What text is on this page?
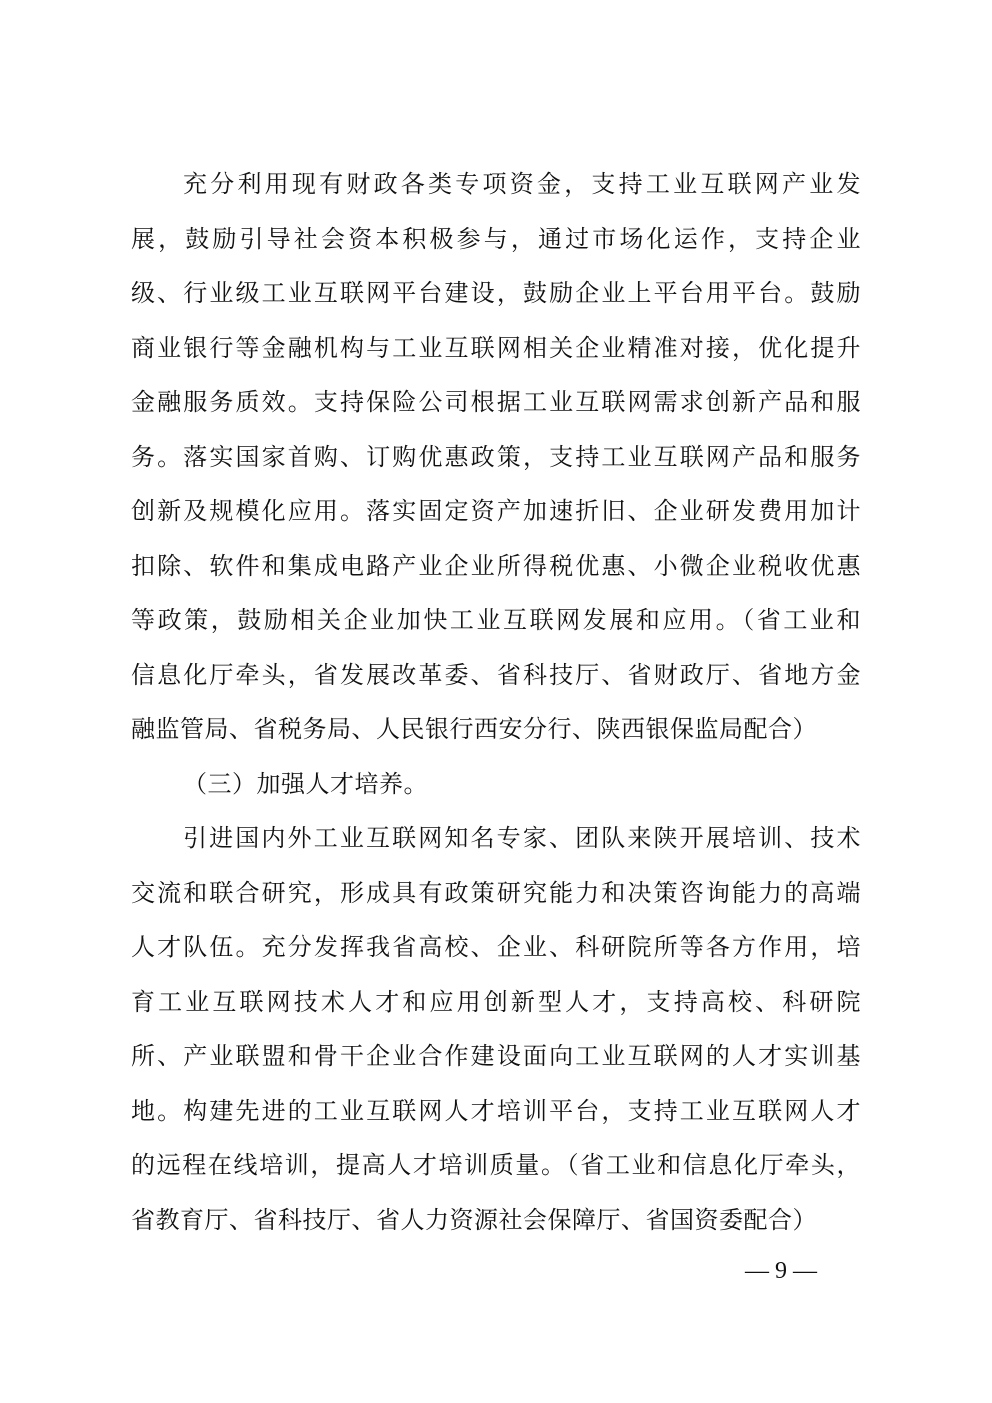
充分利用现有财政各类专项资金，支持工业互联网产业发
展，鼓励引导社会资本积极参与，通过市场化运作，支持企业
级、行业级工业互联网平台建设，鼓励企业上平台用平台。鼓励
商业银行等金融机构与工业互联网相关企业精准对接，优化提升
金融服务质效。支持保险公司根据工业互联网需求创新产品和服
务。落实国家首购、订购优惠政策，支持工业互联网产品和服务
创新及规模化应用。落实固定资产加速折旧、企业研发费用加计
扣除、软件和集成电路产业企业所得税优惠、小微企业税收优惠
等政策，鼓励相关企业加快工业互联网发展和应用。（省工业和
信息化厅牵头，省发展改革委、省科技厅、省财政厅、省地方金
融监管局、省税务局、人民银行西安分行、陕西银保监局配合）
（三）加强人才培养。
引进国内外工业互联网知名专家、团队来陕开展培训、技术
交流和联合研究，形成具有政策研究能力和决策咨询能力的高端
人才队伍。充分发挥我省高校、企业、科研院所等各方作用，培
育工业互联网技术人才和应用创新型人才，支持高校、科研院
所、产业联盟和骨干企业合作建设面向工业互联网的人才实训基
地。构建先进的工业互联网人才培训平台，支持工业互联网人才
的远程在线培训，提高人才培训质量。（省工业和信息化厅牵头，
省教育厅、省科技厅、省人力资源社会保障厅、省国资委配合）
— 9 —
